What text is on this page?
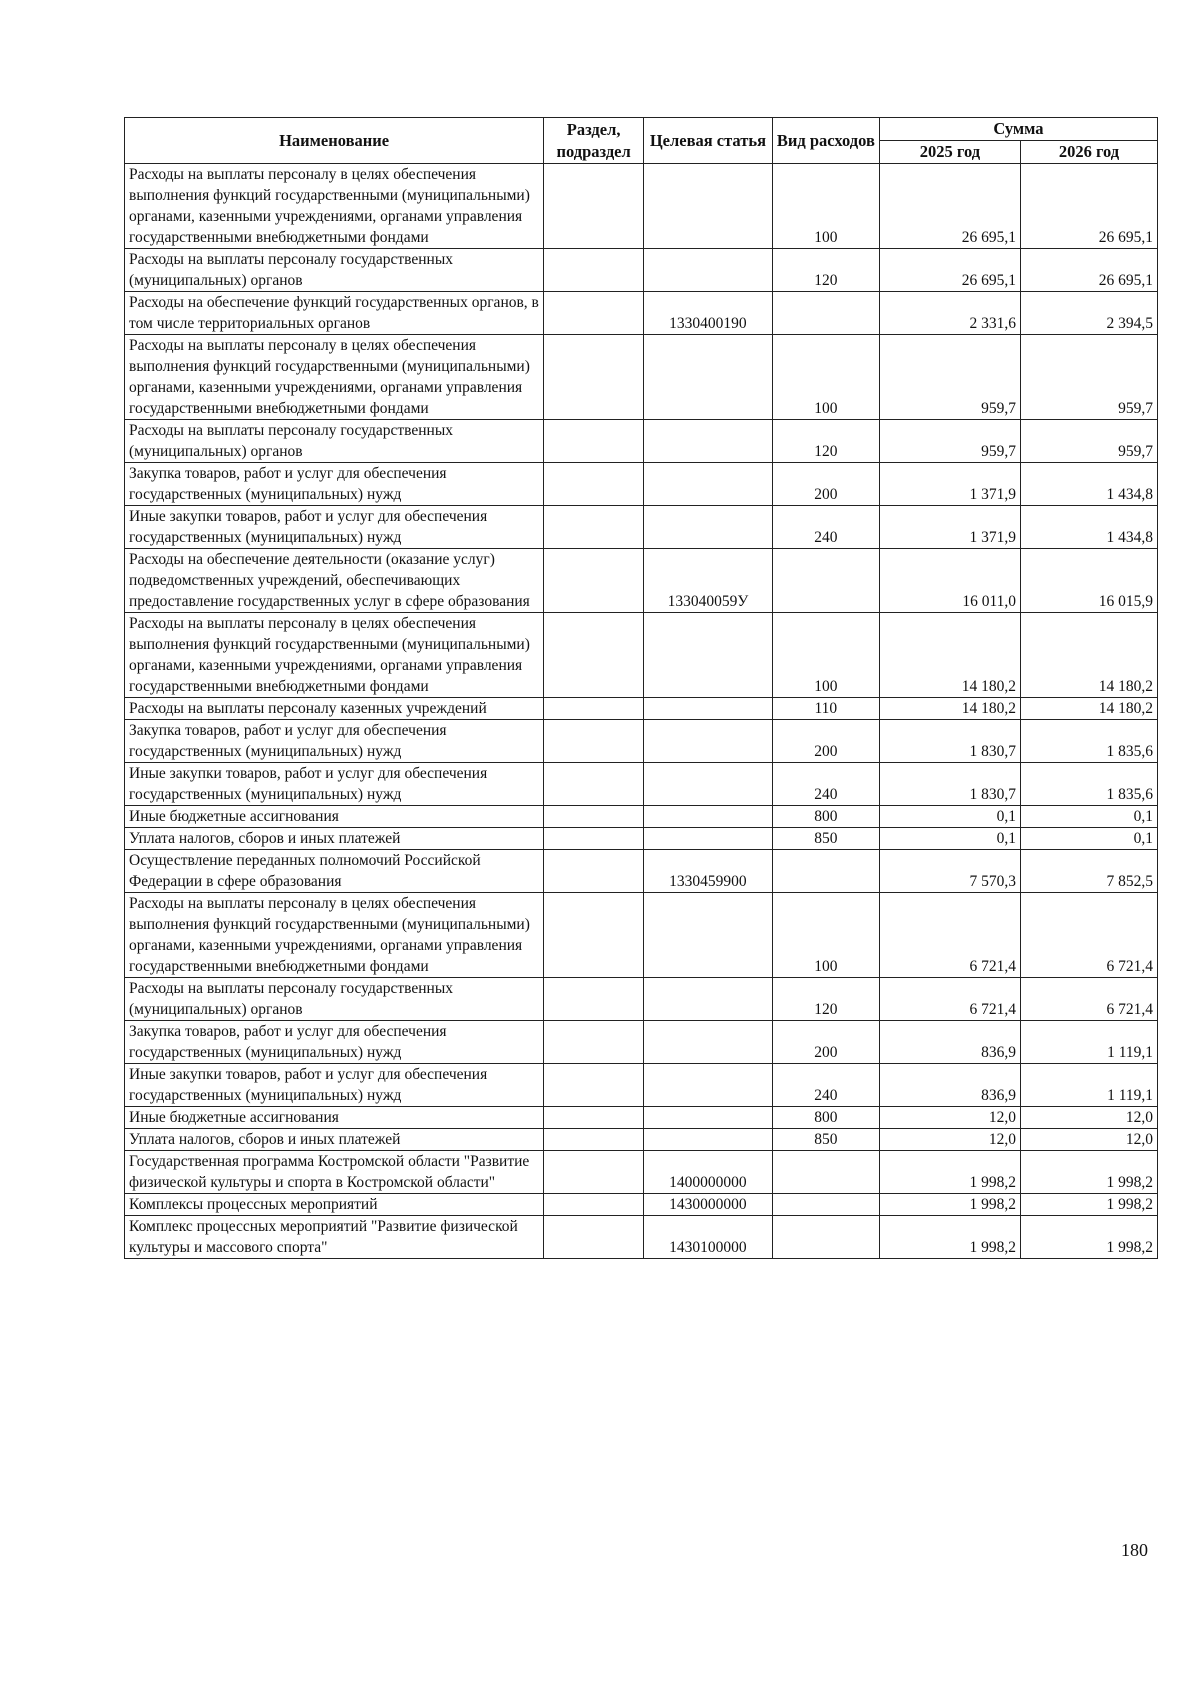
Наименование	Раздел, подраздел	Целевая статья	Вид расходов	Сумма	
				2025 год	2026 год
Расходы на выплаты персоналу в целях обеспечения выполнения функций государственными (муниципальными) органами, казенными учреждениями, органами управления государственными внебюджетными фондами			100	26 695,1	26 695,1
Расходы на выплаты персоналу государственных (муниципальных) органов			120	26 695,1	26 695,1
Расходы на обеспечение функций государственных органов, в том числе территориальных органов		1330400190		2 331,6	2 394,5
Расходы на выплаты персоналу в целях обеспечения выполнения функций государственными (муниципальными) органами, казенными учреждениями, органами управления государственными внебюджетными фондами			100	959,7	959,7
Расходы на выплаты персоналу государственных (муниципальных) органов			120	959,7	959,7
Закупка товаров, работ и услуг для обеспечения государственных (муниципальных) нужд			200	1 371,9	1 434,8
Иные закупки товаров, работ и услуг для обеспечения государственных (муниципальных) нужд			240	1 371,9	1 434,8
Расходы на обеспечение деятельности (оказание услуг) подведомственных учреждений, обеспечивающих предоставление государственных услуг в сфере образования		133040059У		16 011,0	16 015,9
Расходы на выплаты персоналу в целях обеспечения выполнения функций государственными (муниципальными) органами, казенными учреждениями, органами управления государственными внебюджетными фондами			100	14 180,2	14 180,2
Расходы на выплаты персоналу казенных учреждений			110	14 180,2	14 180,2
Закупка товаров, работ и услуг для обеспечения государственных (муниципальных) нужд			200	1 830,7	1 835,6
Иные закупки товаров, работ и услуг для обеспечения государственных (муниципальных) нужд			240	1 830,7	1 835,6
Иные бюджетные ассигнования			800	0,1	0,1
Уплата налогов, сборов и иных платежей			850	0,1	0,1
Осуществление переданных полномочий Российской Федерации в сфере образования		1330459900		7 570,3	7 852,5
Расходы на выплаты персоналу в целях обеспечения выполнения функций государственными (муниципальными) органами, казенными учреждениями, органами управления государственными внебюджетными фондами			100	6 721,4	6 721,4
Расходы на выплаты персоналу государственных (муниципальных) органов			120	6 721,4	6 721,4
Закупка товаров, работ и услуг для обеспечения государственных (муниципальных) нужд			200	836,9	1 119,1
Иные закупки товаров, работ и услуг для обеспечения государственных (муниципальных) нужд			240	836,9	1 119,1
Иные бюджетные ассигнования			800	12,0	12,0
Уплата налогов, сборов и иных платежей			850	12,0	12,0
Государственная программа Костромской области "Развитие физической культуры и спорта в Костромской области"		1400000000		1 998,2	1 998,2
Комплексы процессных мероприятий		1430000000		1 998,2	1 998,2
Комплекс процессных мероприятий "Развитие физической культуры и массового спорта"		1430100000		1 998,2	1 998,2
180
